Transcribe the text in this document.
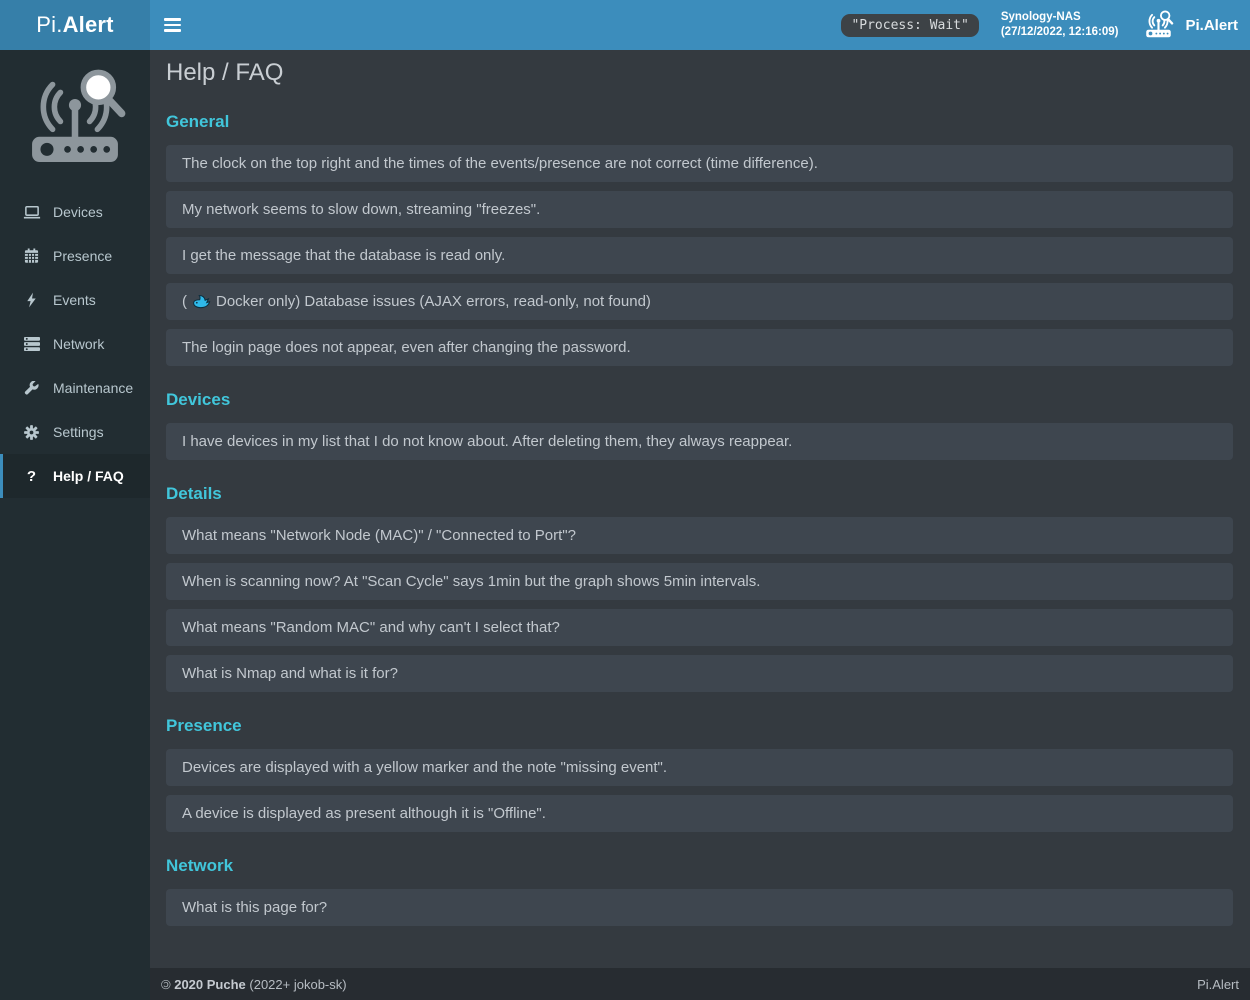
Pi. Alert	"Process: Wait"
Synology-NAS
(27/12/2022, 12:16:09)	Pi.Alert
Devices
Presence
Events
Network
Maintenance
Settings
?	Help / FAQ
Help / FAQ
General
The clock on the top right and the times of the events/presence are not correct (time difference).
My network seems to slow down, streaming "freezes".
I get the message that the database is read only.
(
Docker only) Database issues (AJAX errors, read-only, not found)
The login page does not appear, even after changing the password.
Devices
I have devices in my list that I do not know about. After deleting them, they always reappear.
Details
What means "Network Node (MAC)" / "Connected to Port"?
When is scanning now? At "Scan Cycle" says 1min but the graph shows 5min intervals.
What means "Random MAC" and why can't I select that?
What is Nmap and what is it for?
Presence
Devices are displayed with a yellow marker and the note "missing event".
A device is displayed as present although it is "Offline".
Network
What is this page for?
© 2020 Puche (2022+ jokob-sk)	Pi.Alert
